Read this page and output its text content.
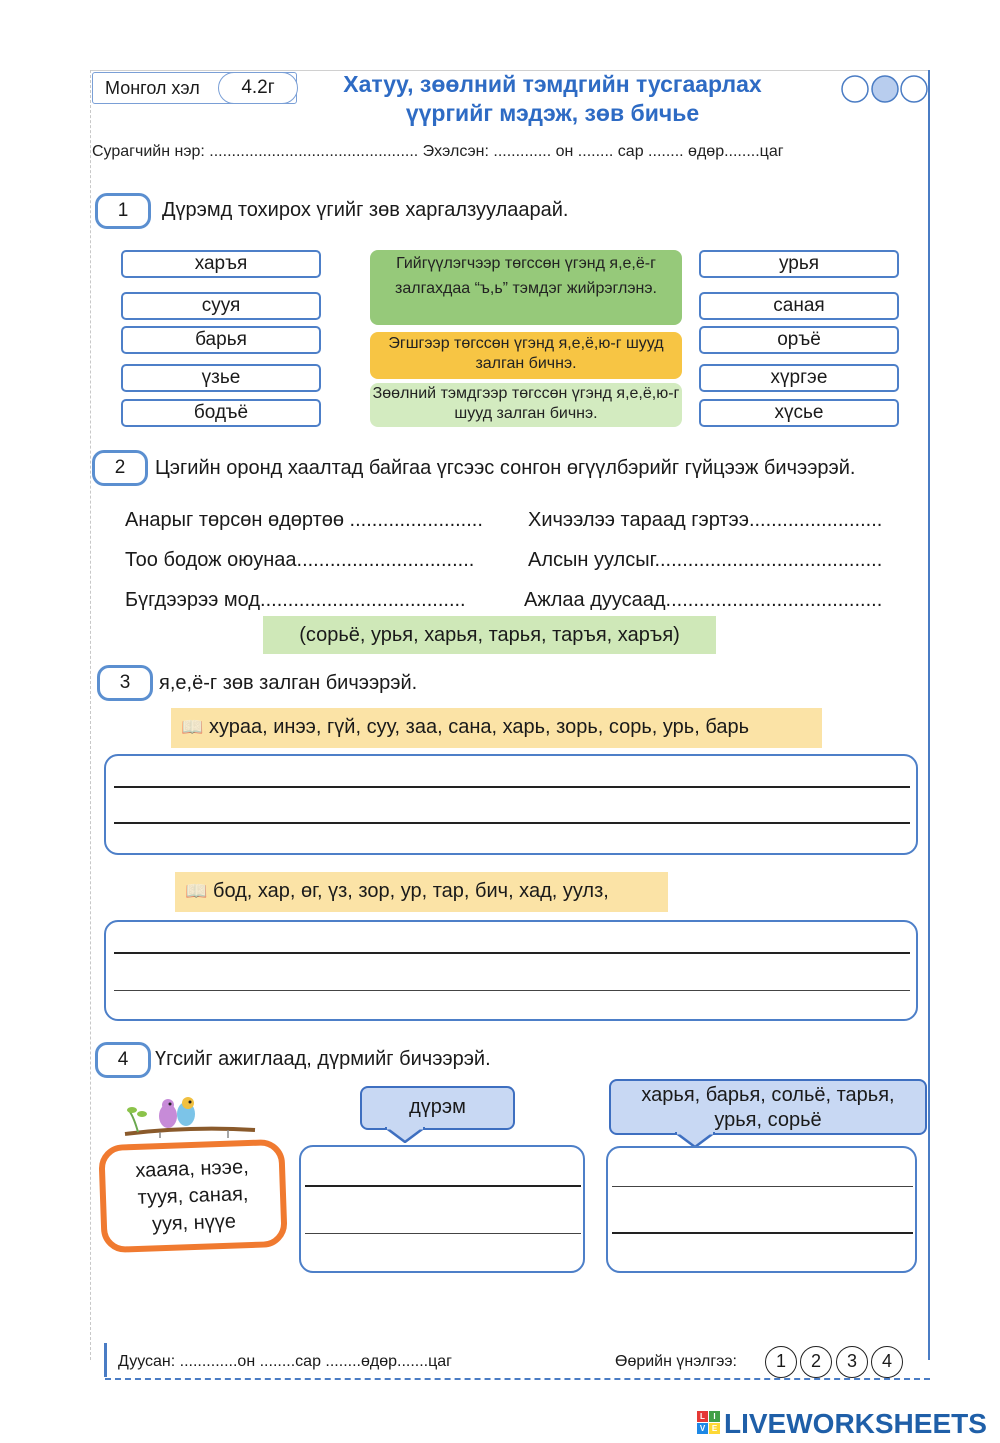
Монгол хэл	4.2г	Хатуу, зөөлний тэмдгийн тусгаарлах
үүргийг мэдэж, зөв бичье
Сурагчийн нэр: ............................................... Эхэлсэн: ............. он ........ сар ........ өдөр........цаг
1	Дүрэмд тохирох үгийг зөв харгалзуулаарай.
харъя
сууя
барья
үзье
бодъё
Гийгүүлэгчээр төгссөн үгэнд я,е,ё-г залгахдаа “ъ,ь” тэмдэг жийрэглэнэ.
Эгшгээр төгссөн үгэнд я,е,ё,ю-г шууд залган бичнэ.
Зөөлний тэмдгээр төгссөн үгэнд я,е,ё,ю-г шууд залган бичнэ.
урья
саная
оръё
хүргэе
хүсье
2	Цэгийн оронд хаалтад байгаа үгсээс сонгон өгүүлбэрийг гүйцээж бичээрэй.
Анарыг төрсөн өдөртөө ........................ Хичээлээ тараад гэртээ........................
Тоо бодож оюунаа................................	Алсын уулсыг.........................................
Бүгдээрээ мод.....................................	Ажлаа дуусаад.......................................
(сорьё, урья, харья, тарья, таръя, харъя)
3	я,е,ё-г зөв залган бичээрэй.
📖 хураа, инээ, гүй, суу, заа, сана, харь, зорь, сорь, урь, барь
📖 бод, хар, өг, үз, зор, ур, тар, бич, хад, уулз,
4	Үгсийг ажиглаад, дүрмийг бичээрэй.
хааяа, нээе,
тууя, саная,
ууя, нүүе
дүрэм
харья, барья, сольё, тарья,
урья, сорьё
Дуусан: .............он ........сар ........өдөр.......цаг	Өөрийн үнэлгээ:	1	2	3	4
L	I
V E LIVEWORKSHEETS
